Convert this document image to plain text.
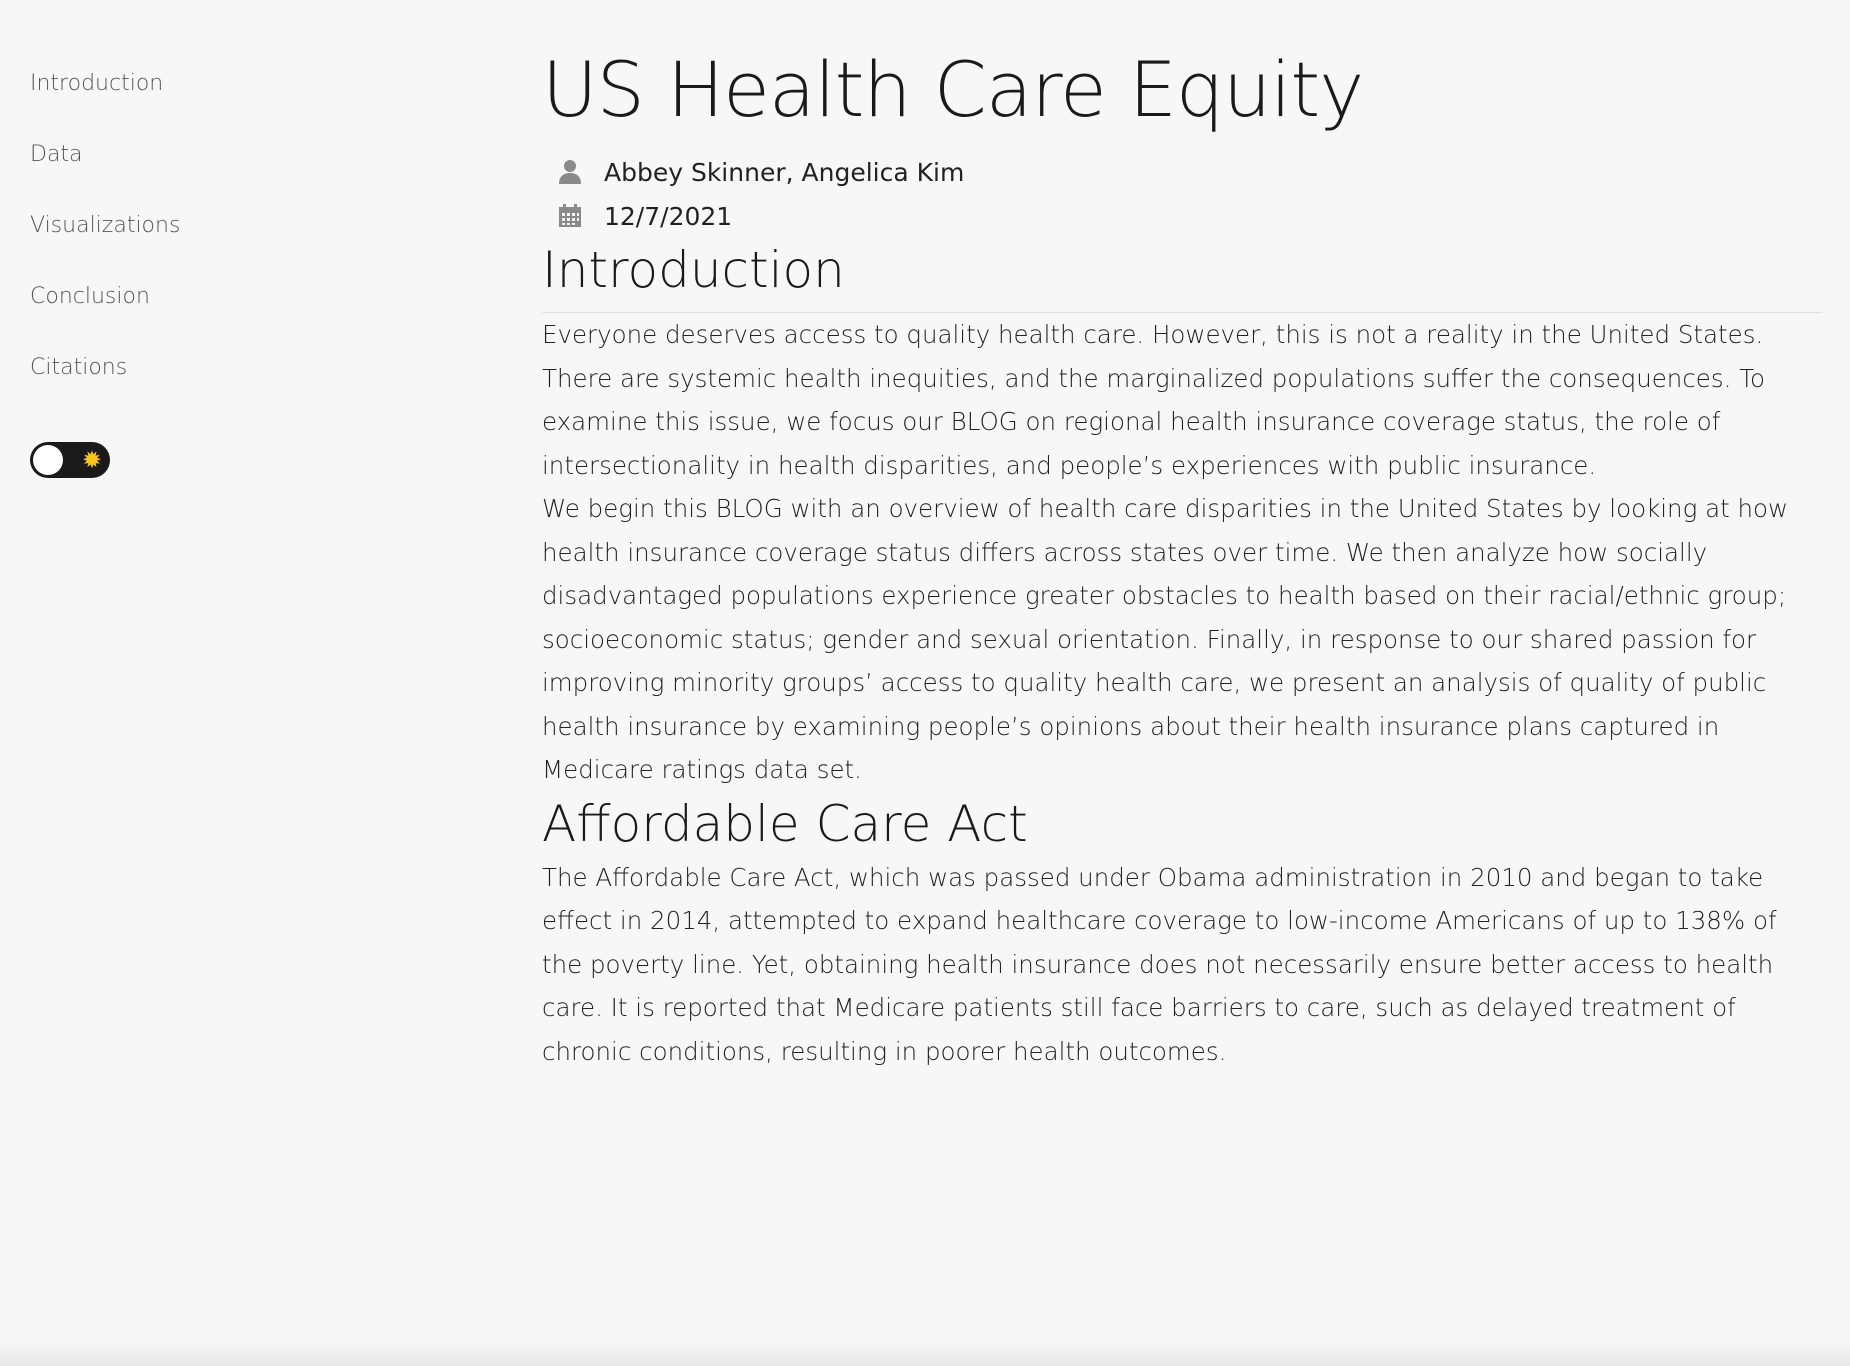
Introduction
Data
Visualizations
Conclusion
Citations
✹
US Health Care Equity
Abbey Skinner, Angelica Kim
12/7/2021
Introduction

Everyone deserves access to quality health care. However, this is not a reality in the United States. There are systemic health inequities, and the marginalized populations suffer the consequences. To examine this issue, we focus our BLOG on regional health insurance coverage status, the role of intersectionality in health disparities, and people’s experiences with public insurance.

We begin this BLOG with an overview of health care disparities in the United States by looking at how health insurance coverage status differs across states over time. We then analyze how socially disadvantaged populations experience greater obstacles to health based on their racial/ethnic group; socioeconomic status; gender and sexual orientation. Finally, in response to our shared passion for improving minority groups’ access to quality health care, we present an analysis of quality of public health insurance by examining people’s opinions about their health insurance plans captured in Medicare ratings data set.

Affordable Care Act

The Affordable Care Act, which was passed under Obama administration in 2010 and began to take effect in 2014, attempted to expand healthcare coverage to low-income Americans of up to 138% of the poverty line. Yet, obtaining health insurance does not necessarily ensure better access to health care. It is reported that Medicare patients still face barriers to care, such as delayed treatment of chronic conditions, resulting in poorer health outcomes.
